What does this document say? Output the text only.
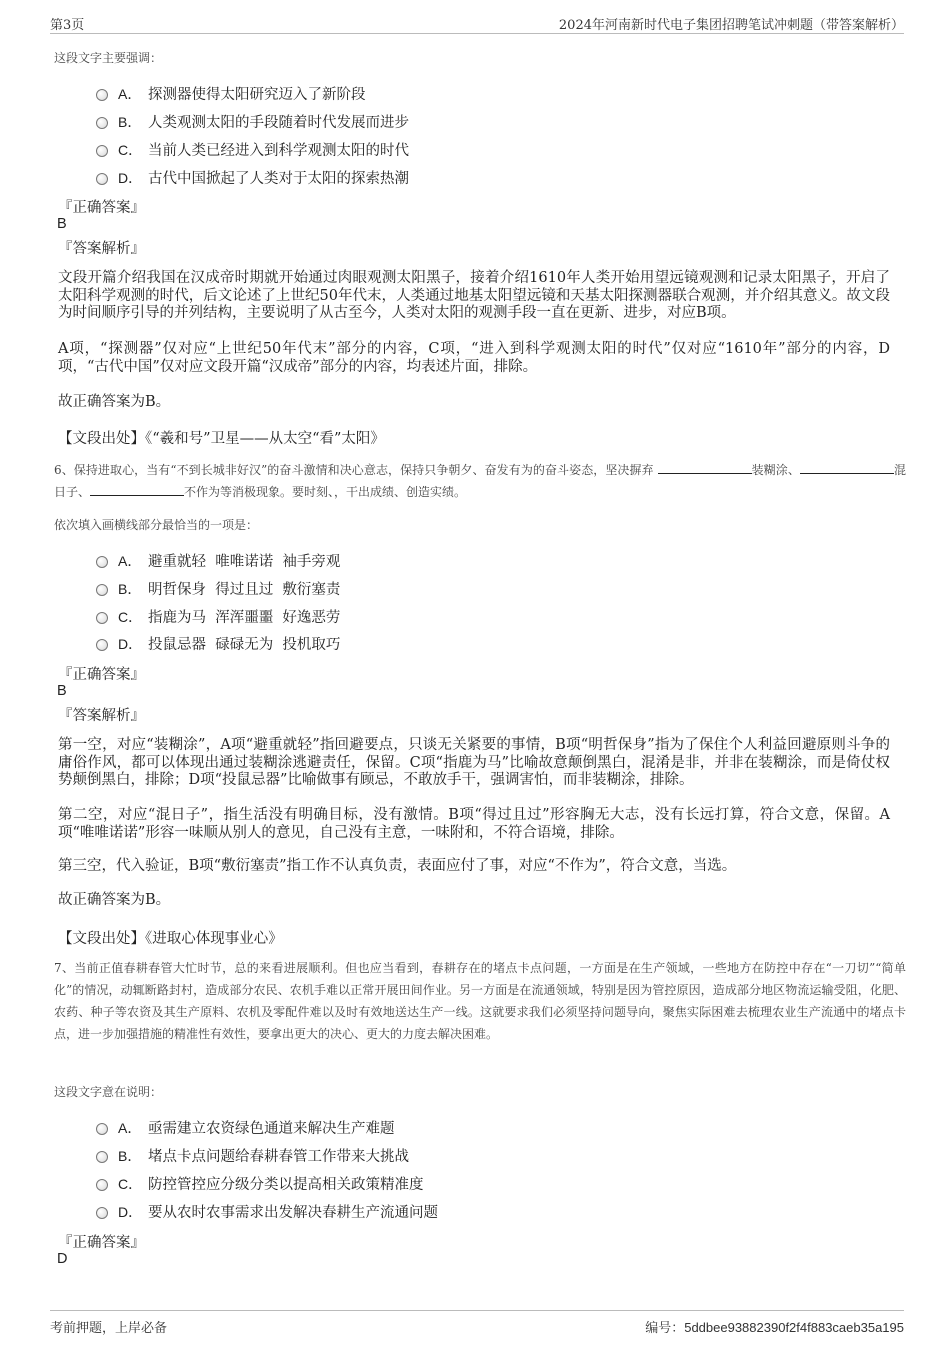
第3页	2024年河南新时代电子集团招聘笔试冲刺题（带答案解析）
这段文字主要强调：
A． 探测器使得太阳研究迈入了新阶段
B． 人类观测太阳的手段随着时代发展而进步
C． 当前人类已经进入到科学观测太阳的时代
D． 古代中国掀起了人类对于太阳的探索热潮
『正确答案』
B
『答案解析』
文段开篇介绍我国在汉成帝时期就开始通过肉眼观测太阳黑子，接着介绍1610年人类开始用望远镜观测和记录太阳黑子，开启了太阳科学观测的时代，后文论述了上世纪50年代末，人类通过地基太阳望远镜和天基太阳探测器联合观测，并介绍其意义。故文段为时间顺序引导的并列结构，主要说明了从古至今，人类对太阳的观测手段一直在更新、进步，对应B项。
A项，“探测器”仅对应“上世纪50年代末”部分的内容，C项，“进入到科学观测太阳的时代”仅对应“1610年”部分的内容，D项，“古代中国”仅对应文段开篇“汉成帝”部分的内容，均表述片面，排除。
故正确答案为B。
【文段出处】《“羲和号”卫星——从太空“看”太阳》
6、保持进取心，当有“不到长城非好汉”的奋斗激情和决心意志，保持只争朝夕、奋发有为的奋斗姿态，坚决摒弃	装糊涂、	混日子、	不作为等消极现象。要时刻、，干出成绩、创造实绩。
依次填入画横线部分最恰当的一项是：
A． 避重就轻  唯唯诺诺  袖手旁观
B． 明哲保身  得过且过  敷衍塞责
C． 指鹿为马  浑浑噩噩  好逸恶劳
D． 投鼠忌器  碌碌无为  投机取巧
『正确答案』
B
『答案解析』
第一空，对应“装糊涂”，A项“避重就轻”指回避要点，只谈无关紧要的事情，B项“明哲保身”指为了保住个人利益回避原则斗争的庸俗作风，都可以体现出通过装糊涂逃避责任，保留。C项“指鹿为马”比喻故意颠倒黑白，混淆是非，并非在装糊涂，而是倚仗权势颠倒黑白，排除；D项“投鼠忌器”比喻做事有顾忌，不敢放手干，强调害怕，而非装糊涂，排除。
第二空，对应“混日子”，指生活没有明确目标，没有激情。B项“得过且过”形容胸无大志，没有长远打算，符合文意，保留。A项“唯唯诺诺”形容一味顺从别人的意见，自己没有主意，一味附和，不符合语境，排除。
第三空，代入验证，B项“敷衍塞责”指工作不认真负责，表面应付了事，对应“不作为”，符合文意，当选。
故正确答案为B。
【文段出处】《进取心体现事业心》
7、当前正值春耕春管大忙时节，总的来看进展顺利。但也应当看到，春耕存在的堵点卡点问题，一方面是在生产领域，一些地方在防控中存在“一刀切”“简单化”的情况，动辄断路封村，造成部分农民、农机手难以正常开展田间作业。另一方面是在流通领域，特别是因为管控原因，造成部分地区物流运输受阻，化肥、农药、种子等农资及其生产原料、农机及零配件难以及时有效地送达生产一线。这就要求我们必须坚持问题导向，聚焦实际困难去梳理农业生产流通中的堵点卡点，进一步加强措施的精准性有效性，要拿出更大的决心、更大的力度去解决困难。
这段文字意在说明：
A． 亟需建立农资绿色通道来解决生产难题
B． 堵点卡点问题给春耕春管工作带来大挑战
C． 防控管控应分级分类以提高相关政策精准度
D． 要从农时农事需求出发解决春耕生产流通问题
『正确答案』
D
考前押题，上岸必备	编号：5ddbee93882390f2f4f883caeb35a195
